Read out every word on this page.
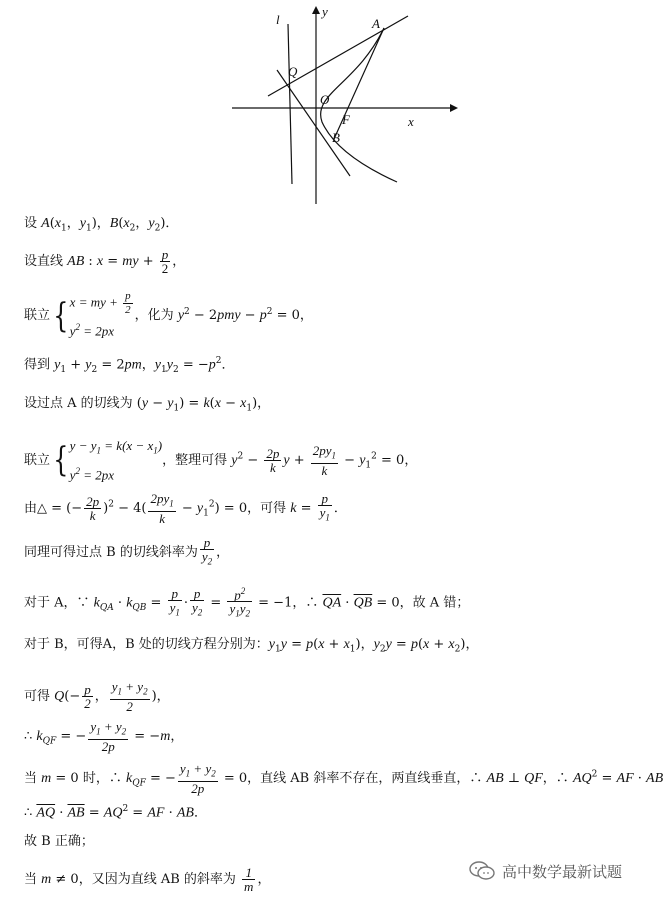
l
y
A
Q
O
F
B
x
设 $A(x_1$，$y_1$)，$B(x_2$，$y_2$)．
设直线 AB : x = my + $\frac{p}{2}$ ，
联立{ x = my + $\frac{p}{2}$
$y^2 = 2px$
，化为 $y^2 - 2pmy - p^2 = 0$，
得到 $y_1 + y_2 = 2pm$，$y_1y_2 = -p^2$．
设过点 A 的切线为 $(y - y_1) = k(x - x_1)$，
联立{ $y - y_1 = k(x - x_1)$
$y^2 = 2px$
，整理可得 $y^2 - \frac{2p}{k}$ $y + \frac{2py_1}{k} - y_1^2 = 0$，
由△ = (− $\frac{2p}{k} )^2 - 4( \frac{2py_1}{k} - y_1^2) = 0$，可得 $k = \frac{p}{y_1}$ ．
同理可得过点 B 的切线斜率为 $\frac{p}{y_2}$ ，
对于 A，∵ $k_{QA} \cdot k_{QB} = \frac{p}{y_1} \cdot \frac{p}{y_2} = \frac{p^2}{y_1y_2} = -1$，∴ $\overline{QA} \cdot \overline{QB} = 0$，故 A 错；
对于 B，可得A，B 处的切线方程分别为：$y_1y = p(x + x_1)$，$y_2y = p(x + x_2)$，
可得 $Q(- \frac{p}{2}$ ， $\frac{y_1 + y_2}{2}$ )，
∴ $k_{QF}$ = − $\frac{y_1 + y_2}{2p} = -m$，
当 m = 0 时，∴ $k_{QF}$ = − $\frac{y_1 + y_2}{2p} = 0$，直线 AB 斜率不存在，两直线垂直，∴ AB ⊥ QF，∴ $AQ^2$ = AF · AB
∴ $\overline{AQ} \cdot \overline{AB} = AQ^2$ = AF · AB．
故 B 正确；
当 m ≠ 0，又因为直线 AB 的斜率为 $\frac{1}{m}$ ，	高中数学最新试题
